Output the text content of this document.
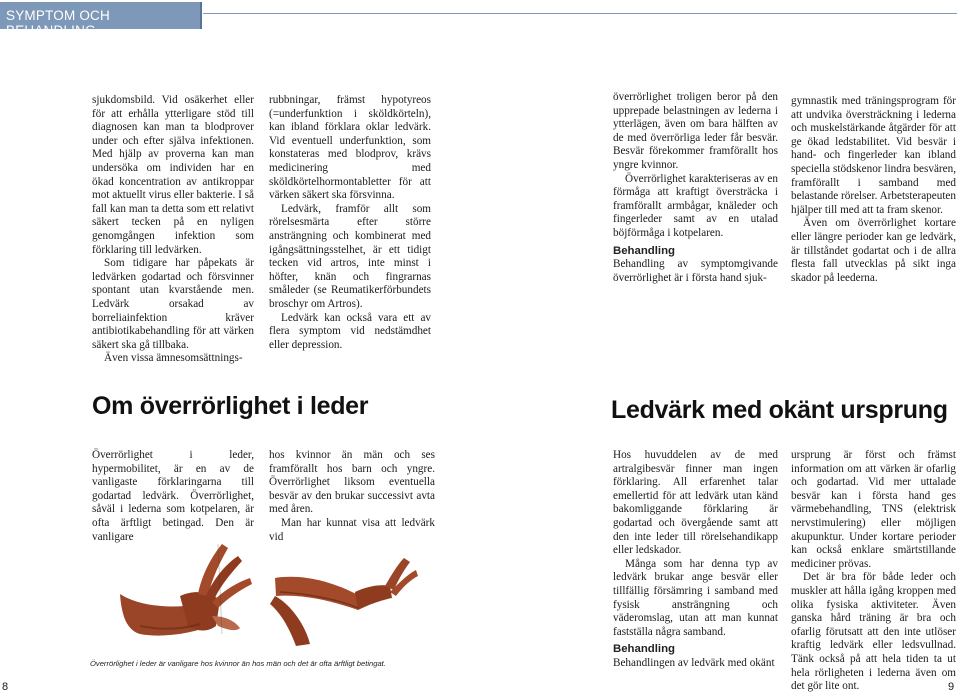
SYMPTOM OCH BEHANDLING

sjukdomsbild. Vid osäkerhet eller för att erhålla ytterligare stöd till diagnosen kan man ta blodprover under och efter själva infektionen. Med hjälp av proverna kan man undersöka om individen har en ökad koncentration av antikroppar mot aktuellt virus eller bakterie. I så fall kan man ta detta som ett relativt säkert tecken på en nyligen genomgången infektion som förklaring till ledvärken.

Som tidigare har påpekats är ledvärken godartad och försvinner spontant utan kvarstående men. Ledvärk orsakad av borreliainfektion kräver antibiotikabehandling för att värken säkert ska gå tillbaka.

Även vissa ämnesomsättnings-

rubbningar, främst hypotyreos (=underfunktion i sköldkörteln), kan ibland förklara oklar ledvärk. Vid eventuell underfunktion, som konstateras med blodprov, krävs medicinering med sköldkörtelhormontabletter för att värken säkert ska försvinna.

Ledvärk, framför allt som rörelsesmärta efter större ansträngning och kombinerat med igångsättningsstelhet, är ett tidigt tecken vid artros, inte minst i höfter, knän och fingrarnas småleder (se Reumatikerförbundets broschyr om Artros).

Ledvärk kan också vara ett av flera symptom vid nedstämdhet eller depression.

Om överrörlighet i leder

Överrörlighet i leder, hypermobilitet, är en av de vanligaste förklaringarna till godartad ledvärk. Överrörlighet, såväl i lederna som kotpelaren, är ofta ärftligt betingad. Den är vanligare

hos kvinnor än män och ses framförallt hos barn och yngre. Överrörlighet liksom eventuella besvär av den brukar successivt avta med åren.

Man har kunnat visa att ledvärk vid

Överrörlighet i leder är vanligare hos kvinnor än hos män och det är ofta ärftligt betingat.
8

överrörlighet troligen beror på den upprepade belastningen av lederna i ytterlägen, även om bara hälften av de med överrörliga leder får besvär. Besvär förekommer framförallt hos yngre kvinnor.

Överrörlighet karakteriseras av en förmåga att kraftigt översträcka i framförallt armbågar, knäleder och fingerleder samt av en utalad böjförmåga i kotpelaren.

Behandling

Behandling av symptomgivande överrörlighet är i första hand sjuk-

gymnastik med träningsprogram för att undvika översträckning i lederna och muskelstärkande åtgärder för att ge ökad ledstabilitet. Vid besvär i hand- och fingerleder kan ibland speciella stödskenor lindra besvären, framförallt i samband med belastande rörelser. Arbetsterapeuten hjälper till med att ta fram skenor.

Även om överrörlighet kortare eller längre perioder kan ge ledvärk, är tillståndet godartat och i de allra flesta fall utvecklas på sikt inga skador på leederna.

Ledvärk med okänt ursprung

Hos huvuddelen av de med artralgibesvär finner man ingen förklaring. All erfarenhet talar emellertid för att ledvärk utan känd bakomliggande förklaring är godartad och övergående samt att den inte leder till rörelsehandikapp eller ledskador.

Många som har denna typ av ledvärk brukar ange besvär eller tillfällig försämring i samband med fysisk ansträngning och väderomslag, utan att man kunnat fastställa några samband.

Behandling

Behandlingen av ledvärk med okänt

ursprung är först och främst information om att värken är ofarlig och godartad. Vid mer uttalade besvär kan i första hand ges värmebehandling, TNS (elektrisk nervstimulering) eller möjligen akupunktur. Under kortare perioder kan också enklare smärtstillande mediciner prövas.

Det är bra för både leder och muskler att hålla igång kroppen med olika fysiska aktiviteter. Även ganska hård träning är bra och ofarlig förutsatt att den inte utlöser kraftig ledvärk eller ledsvullnad. Tänk också på att hela tiden ta ut hela rörligheten i lederna även om det gör lite ont.	9
